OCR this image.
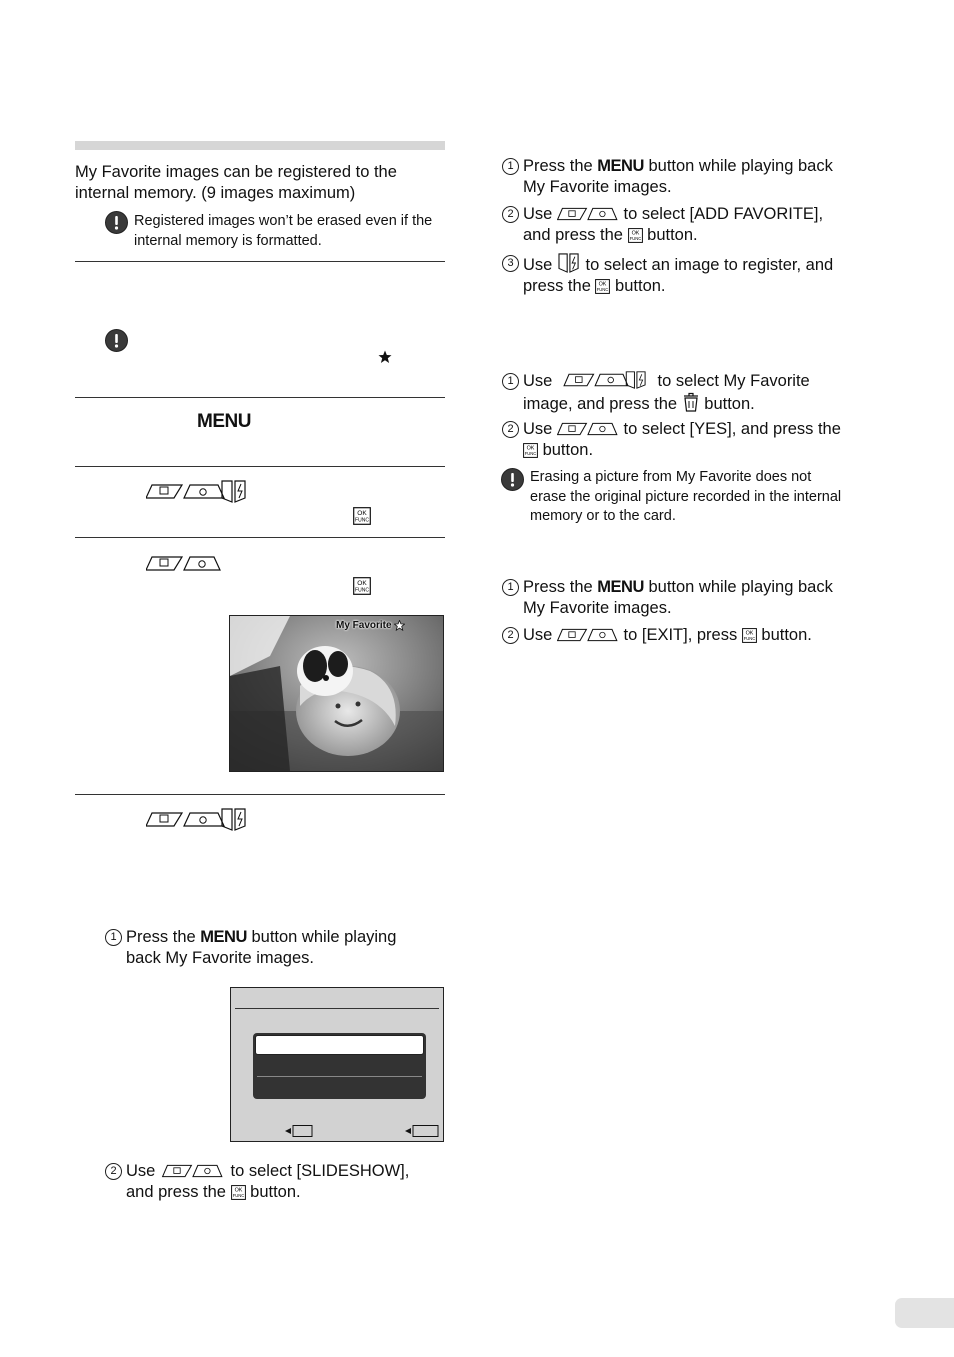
My Favorite images can be registered to the internal memory. (9 images maximum)
Registered images won’t be erased even if the internal memory is formatted.
MENU
OK
FUNC
OK
FUNC
My Favorite
1 Press the MENU button while playing back My Favorite images.
2 Use	to select [SLIDESHOW], and press the OK
FUNC button.
1 Press the MENU button while playing back My Favorite images.
2 Use	to select [ADD FAVORITE], and press the OK
FUNC button.
3 Use  to select an image to register, and press the OK
FUNC button.
1 Use	to select My Favorite image, and press the  button.
2 Use	to select [YES], and press the
OK
FUNC button.
Erasing a picture from My Favorite does not erase the original picture recorded in the internal memory or to the card.
1 Press the MENU button while playing back My Favorite images.
2 Use	to [EXIT], press OK
FUNC button.
